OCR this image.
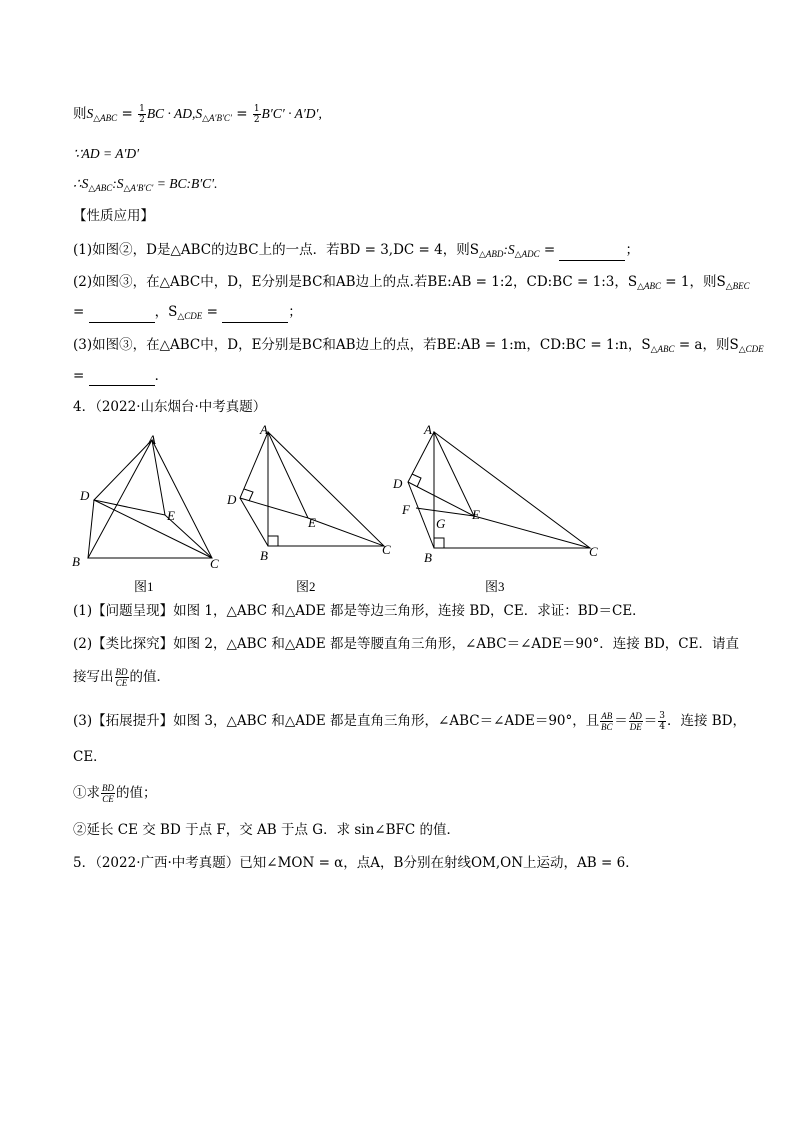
则$S_{\triangle ABC} = \frac{1}{2}$ BC · $AD,S_{\triangle A'B'C'} = \frac{1}{2} B'C' \cdot A'D'$,
∵AD = A′D′
$\therefore S_{\triangle ABC}:S_{\triangle A'B'C'}$ = BC:B′C′.
【性质应用】
(1)如图②，D是△ABC的边BC上的一点．若BD = 3,DC = 4，则$S_{\triangle ABD}:S_{\triangle ADC}$ =	；
(2)如图③，在△ABC中，D，E分别是BC和AB边上的点.若BE:AB = 1:2，CD:BC = 1:3，$S_{\triangle ABC} = 1$，则$S_{\triangle BEC}$
=	，$S_{\triangle CDE}$ =	；
(3)如图③，在△ABC中，D，E分别是BC和AB边上的点，若BE:AB = 1:m，CD:BC = 1:n，$S_{\triangle ABC} = a$，则$S_{\triangle CDE}$
=	．
4．（2022·山东烟台·中考真题）
A
D
E
B	C
图1
A
D
E
B	C
图2
A
D
F
G
E
B	C
图3
(1)【问题呈现】如图 1，△ABC 和△ADE 都是等边三角形，连接 BD，CE．求证：BD＝CE．
(2)【类比探究】如图 2，△ABC 和△ADE 都是等腰直角三角形，∠ABC＝∠ADE＝90°．连接 BD，CE．请直
接写出 $\frac{BD}{CE}$ 的值．
(3)【拓展提升】如图 3，△ABC 和△ADE 都是直角三角形，∠ABC＝∠ADE＝90°，且 $\frac{AB}{BC} = \frac{AD}{DE} = \frac{3}{4}$ ．连接 BD，
CE．
①求 $\frac{BD}{CE}$ 的值；
②延长 CE 交 BD 于点 F，交 AB 于点 G．求 sin∠BFC 的值．
5．（2022·广西·中考真题）已知∠MON = α，点A，B分别在射线OM,ON上运动，AB = 6．
